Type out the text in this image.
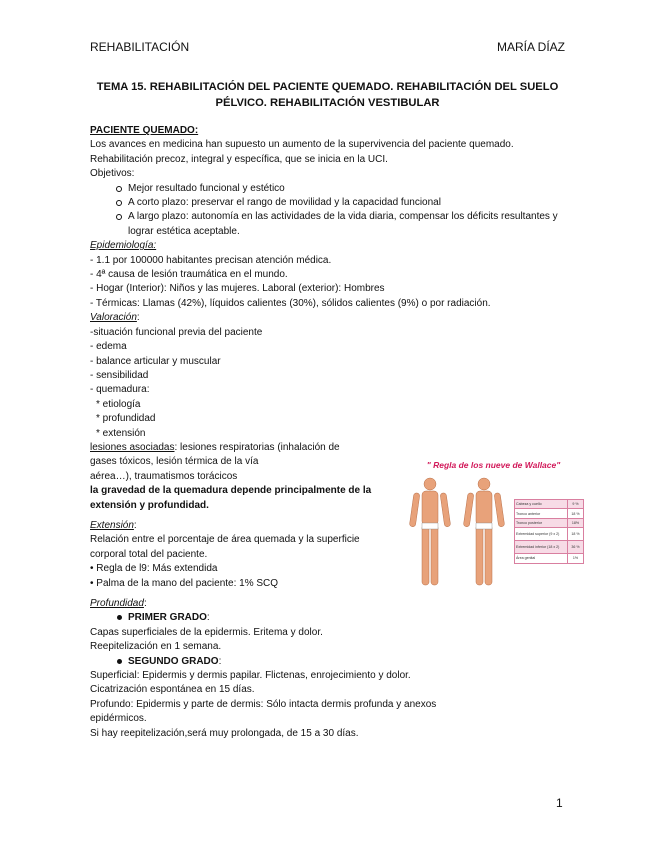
REHABILITACIÓN	MARÍA DÍAZ
TEMA 15. REHABILITACIÓN DEL PACIENTE QUEMADO. REHABILITACIÓN DEL SUELO
PÉLVICO. REHABILITACIÓN VESTIBULAR
PACIENTE QUEMADO:
Los avances en medicina han supuesto un aumento de la supervivencia del paciente quemado.
Rehabilitación precoz, integral y específica, que se inicia en la UCI.
Objetivos:
Mejor resultado funcional y estético
A corto plazo: preservar el rango de movilidad y la capacidad funcional
A largo plazo: autonomía en las actividades de la vida diaria, compensar los déficits resultantes y lograr estética aceptable.
Epidemiología:
- 1.1 por 100000 habitantes precisan atención médica.
- 4ª causa de lesión traumática en el mundo.
- Hogar (Interior): Niños y las mujeres. Laboral (exterior): Hombres
- Térmicas: Llamas (42%), líquidos calientes (30%), sólidos calientes (9%) o por radiación.
Valoración:
-situación funcional previa del paciente
- edema
- balance articular y muscular
- sensibilidad
- quemadura:
* etiología
* profundidad
* extensión
lesiones asociadas: lesiones respiratorias (inhalación de
gases tóxicos, lesión térmica de la vía
aérea…), traumatismos torácicos
la gravedad de la quemadura depende principalmente de la
extensión y profundidad.
Extensión:
Relación entre el porcentaje de área quemada y la superficie
corporal total del paciente.
• Regla de l9: Más extendida
• Palma de la mano del paciente: 1% SCQ
Profundidad:
PRIMER GRADO:
Capas superficiales de la epidermis. Eritema y dolor.
Reepitelización en 1 semana.
SEGUNDO GRADO:
Superficial: Epidermis y dermis papilar. Flictenas, enrojecimiento y dolor.
Cicatrización espontánea en 15 días.
Profundo: Epidermis y parte de dermis: Sólo intacta dermis profunda y anexos
epidérmicos.
Si hay reepitelización,será muy prolongada, de 15 a 30 días.
" Regla de los nueve de Wallace"
Cabeza y cuello	9 %
Tronco anterior	18 %
Tronco posterior	18%
Extremidad superior (9 x 2)	18 %
Extremidad inferior (18 x 2)	36 %
Área genital	1%
1
